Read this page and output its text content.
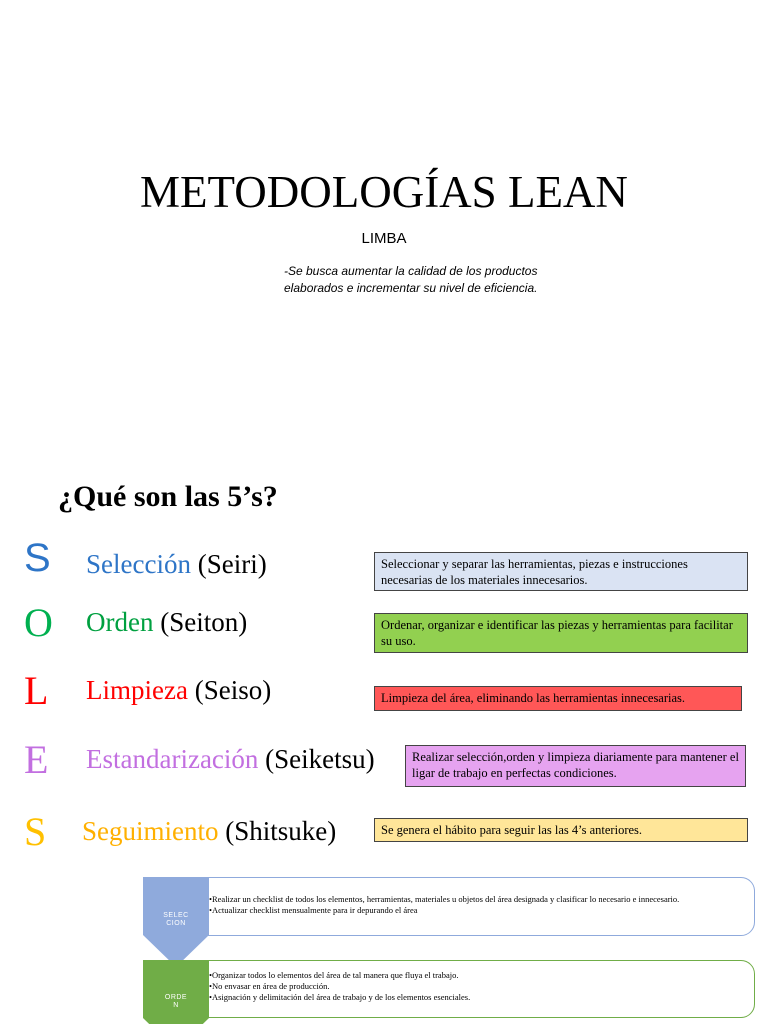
METODOLOGÍAS LEAN
LIMBA
-Se busca aumentar la calidad de los productos
elaborados e incrementar su nivel de eficiencia.
¿Qué son las 5’s?
S Selección (Seiri)	Seleccionar y separar las herramientas, piezas e instrucciones necesarias de los materiales innecesarios.
O Orden (Seiton)	Ordenar, organizar e identificar las piezas y herramientas para facilitar su uso.
L Limpieza (Seiso)	Limpieza del área, eliminando las herramientas innecesarias.
E Estandarización (Seiketsu)	Realizar selección,orden y limpieza diariamente para mantener el ligar de trabajo en perfectas condiciones.
S Seguimiento (Shitsuke)	Se genera el hábito para seguir las las 4’s anteriores.
•Realizar un checklist de todos los elementos, herramientas, materiales u objetos del área designada y clasificar lo necesario e innecesario.
•Actualizar checklist mensualmente para ir depurando el área
SELEC
CION
•Organizar todos lo elementos del área de tal manera que fluya el trabajo.
•No envasar en área de producción.
•Asignación y delimitación del área de trabajo y de los elementos esenciales.
ORDE
N
